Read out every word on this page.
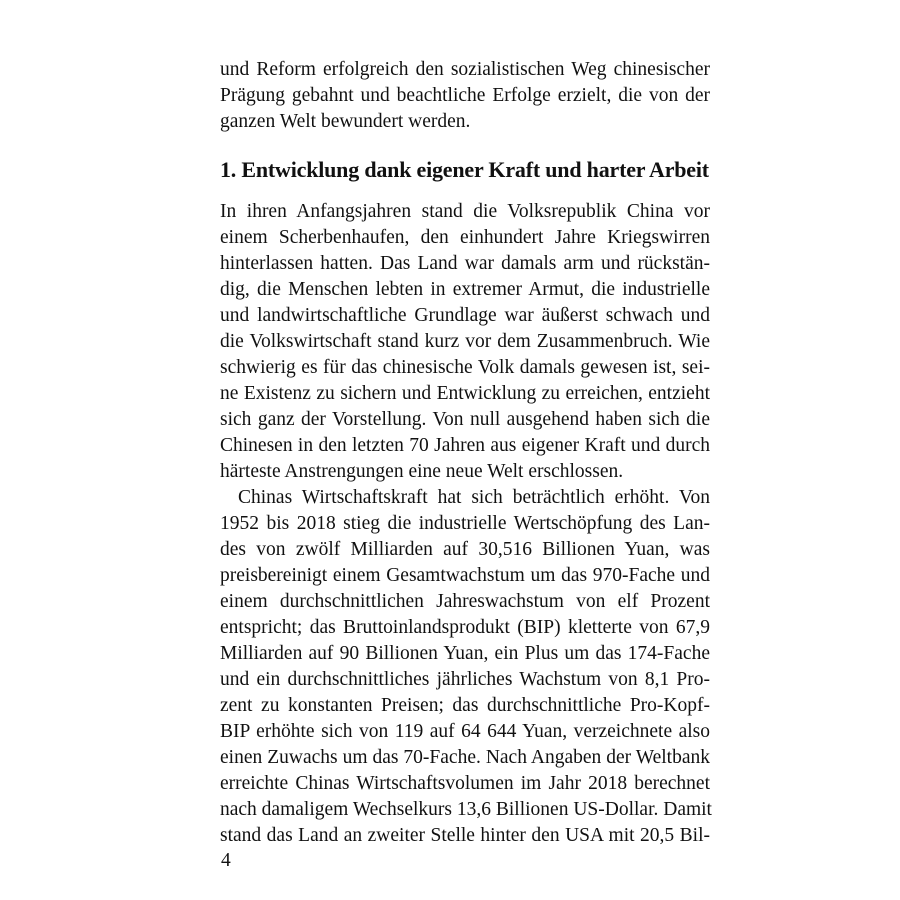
und Reform erfolgreich den sozialistischen Weg chinesischer
Prägung gebahnt und beachtliche Erfolge erzielt, die von der
ganzen Welt bewundert werden.
1. Entwicklung dank eigener Kraft und harter Arbeit
In ihren Anfangsjahren stand die Volksrepublik China vor
einem Scherbenhaufen, den einhundert Jahre Kriegswirren
hinterlassen hatten. Das Land war damals arm und rückstän-
dig, die Menschen lebten in extremer Armut, die industrielle
und landwirtschaftliche Grundlage war äußerst schwach und
die Volkswirtschaft stand kurz vor dem Zusammenbruch. Wie
schwierig es für das chinesische Volk damals gewesen ist, sei-
ne Existenz zu sichern und Entwicklung zu erreichen, entzieht
sich ganz der Vorstellung. Von null ausgehend haben sich die
Chinesen in den letzten 70 Jahren aus eigener Kraft und durch
härteste Anstrengungen eine neue Welt erschlossen.
Chinas Wirtschaftskraft hat sich beträchtlich erhöht. Von
1952 bis 2018 stieg die industrielle Wertschöpfung des Lan-
des von zwölf Milliarden auf 30,516 Billionen Yuan, was
preisbereinigt einem Gesamtwachstum um das 970-Fache und
einem durchschnittlichen Jahreswachstum von elf Prozent
entspricht; das Bruttoinlandsprodukt (BIP) kletterte von 67,9
Milliarden auf 90 Billionen Yuan, ein Plus um das 174-Fache
und ein durchschnittliches jährliches Wachstum von 8,1 Pro-
zent zu konstanten Preisen; das durchschnittliche Pro-Kopf-
BIP erhöhte sich von 119 auf 64 644 Yuan, verzeichnete also
einen Zuwachs um das 70-Fache. Nach Angaben der Weltbank
erreichte Chinas Wirtschaftsvolumen im Jahr 2018 berechnet
nach damaligem Wechselkurs 13,6 Billionen US-Dollar. Damit
stand das Land an zweiter Stelle hinter den USA mit 20,5 Bil-
4
